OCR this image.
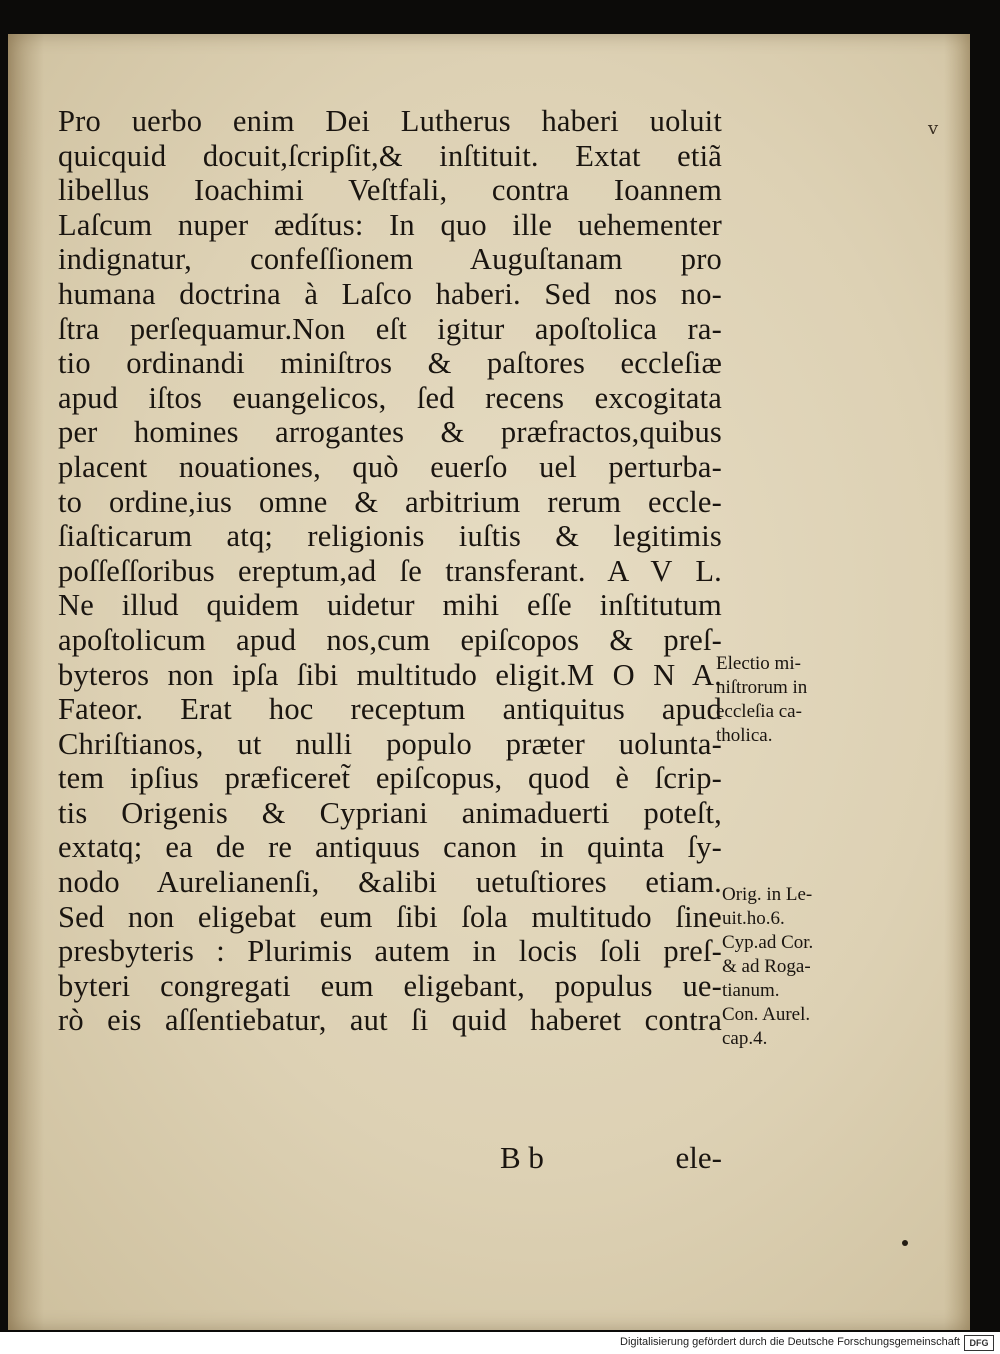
v
Pro uerbo enim Dei Lutherus haberi uoluit
quicquid docuit,ſcripſit,& inſtituit. Extat etiã
libellus Ioachimi Veſtfali, contra Ioannem
Laſcum nuper ædítus: In quo ille uehementer
indignatur, confeſſionem Auguſtanam pro
humana doctrina à Laſco haberi. Sed nos no-
ſtra perſequamur.Non eſt igitur apoſtolica ra-
tio ordinandi miniſtros & paſtores eccleſiæ
apud iſtos euangelicos, ſed recens excogitata
per homines arrogantes & præfractos,quibus
placent nouationes, quò euerſo uel perturba-
to ordine,ius omne & arbitrium rerum eccle-
ſiaſticarum atq; religionis iuſtis & legitimis
poſſeſſoribus ereptum,ad ſe transferant. A V L.
Ne illud quidem uidetur mihi eſſe inſtitutum
apoſtolicum apud nos,cum epiſcopos & preſ-
byteros non ipſa ſibi multitudo eligit.M O N A.
Fateor. Erat hoc receptum antiquitus apud
Chriſtianos, ut nulli populo præter uolunta-
tem ipſius præficeret̃ epiſcopus, quod è ſcrip-
tis Origenis & Cypriani animaduerti poteſt,
extatq; ea de re antiquus canon in quinta ſy-
nodo Aurelianenſi, &alibi uetuſtiores etiam.
Sed non eligebat eum ſibi ſola multitudo ſine
presbyteris : Plurimis autem in locis ſoli preſ-
byteri congregati eum eligebant, populus ue-
rò eis aſſentiebatur, aut ſi quid haberet contra
B b	ele-
Electio mi-
niſtrorum in
eccleſia ca-
tholica.
Orig. in Le-
uit.ho.6.
Cyp.ad Cor.
& ad Roga-
tianum.
Con. Aurel.
cap.4.
Digitalisierung gefördert durch die Deutsche Forschungsgemeinschaft	DFG
